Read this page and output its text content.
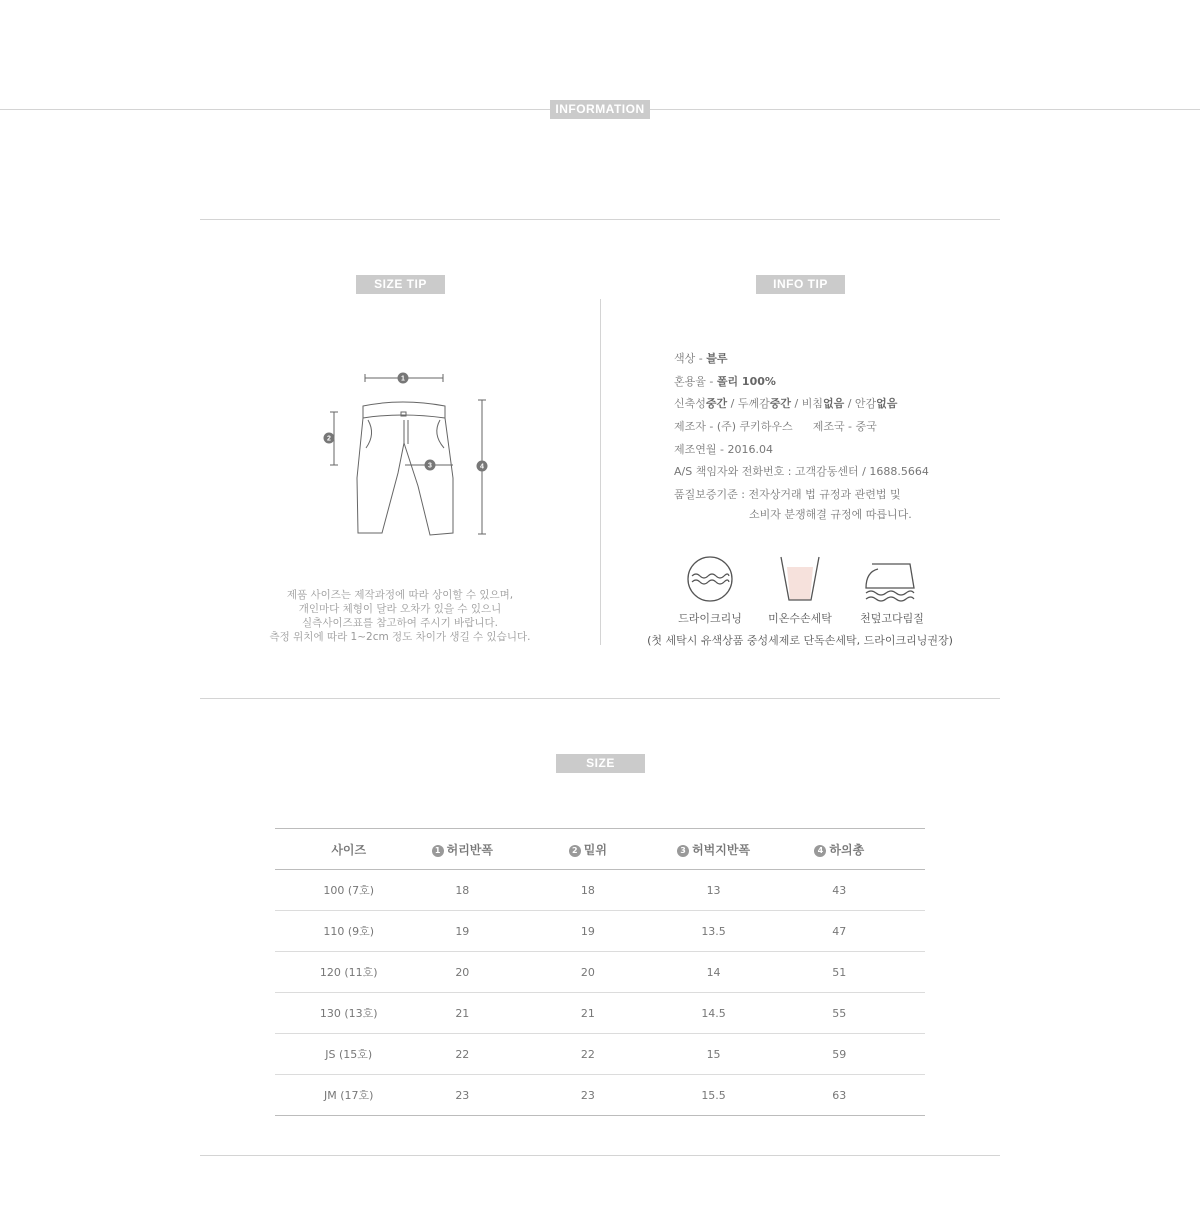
INFORMATION
SIZE TIP
1
2
3	4
제품 사이즈는 제작과정에 따라 상이할 수 있으며,
개인마다 체형이 달라 오차가 있을 수 있으니
실측사이즈표를 참고하여 주시기 바랍니다.
측정 위치에 따라 1~2cm 정도 차이가 생길 수 있습니다.
INFO TIP
색상 - 블루
혼용율 - 폴리 100%
신축성중간 / 두께감중간 / 비침없음 / 안감없음
제조자 - (주) 쿠키하우스 제조국 - 중국
제조연월 - 2016.04
A/S 책임자와 전화번호 : 고객감동센터 / 1688.5664
품질보증기준 : 전자상거래 법 규정과 관련법 및
소비자 분쟁해결 규정에 따릅니다.
드라이크리닝	미온수손세탁	천덮고다림질
(첫 세탁시 유색상품 중성세제로 단독손세탁, 드라이크리닝권장)
SIZE
사이즈	1 허리반폭	2 밑위	3 허벅지반폭	4 하의총
100 (7호)	18	18	13	43
110 (9호)	19	19	13.5	47
120 (11호)	20	20	14	51
130 (13호)	21	21	14.5	55
JS (15호)	22	22	15	59
JM (17호)	23	23	15.5	63
